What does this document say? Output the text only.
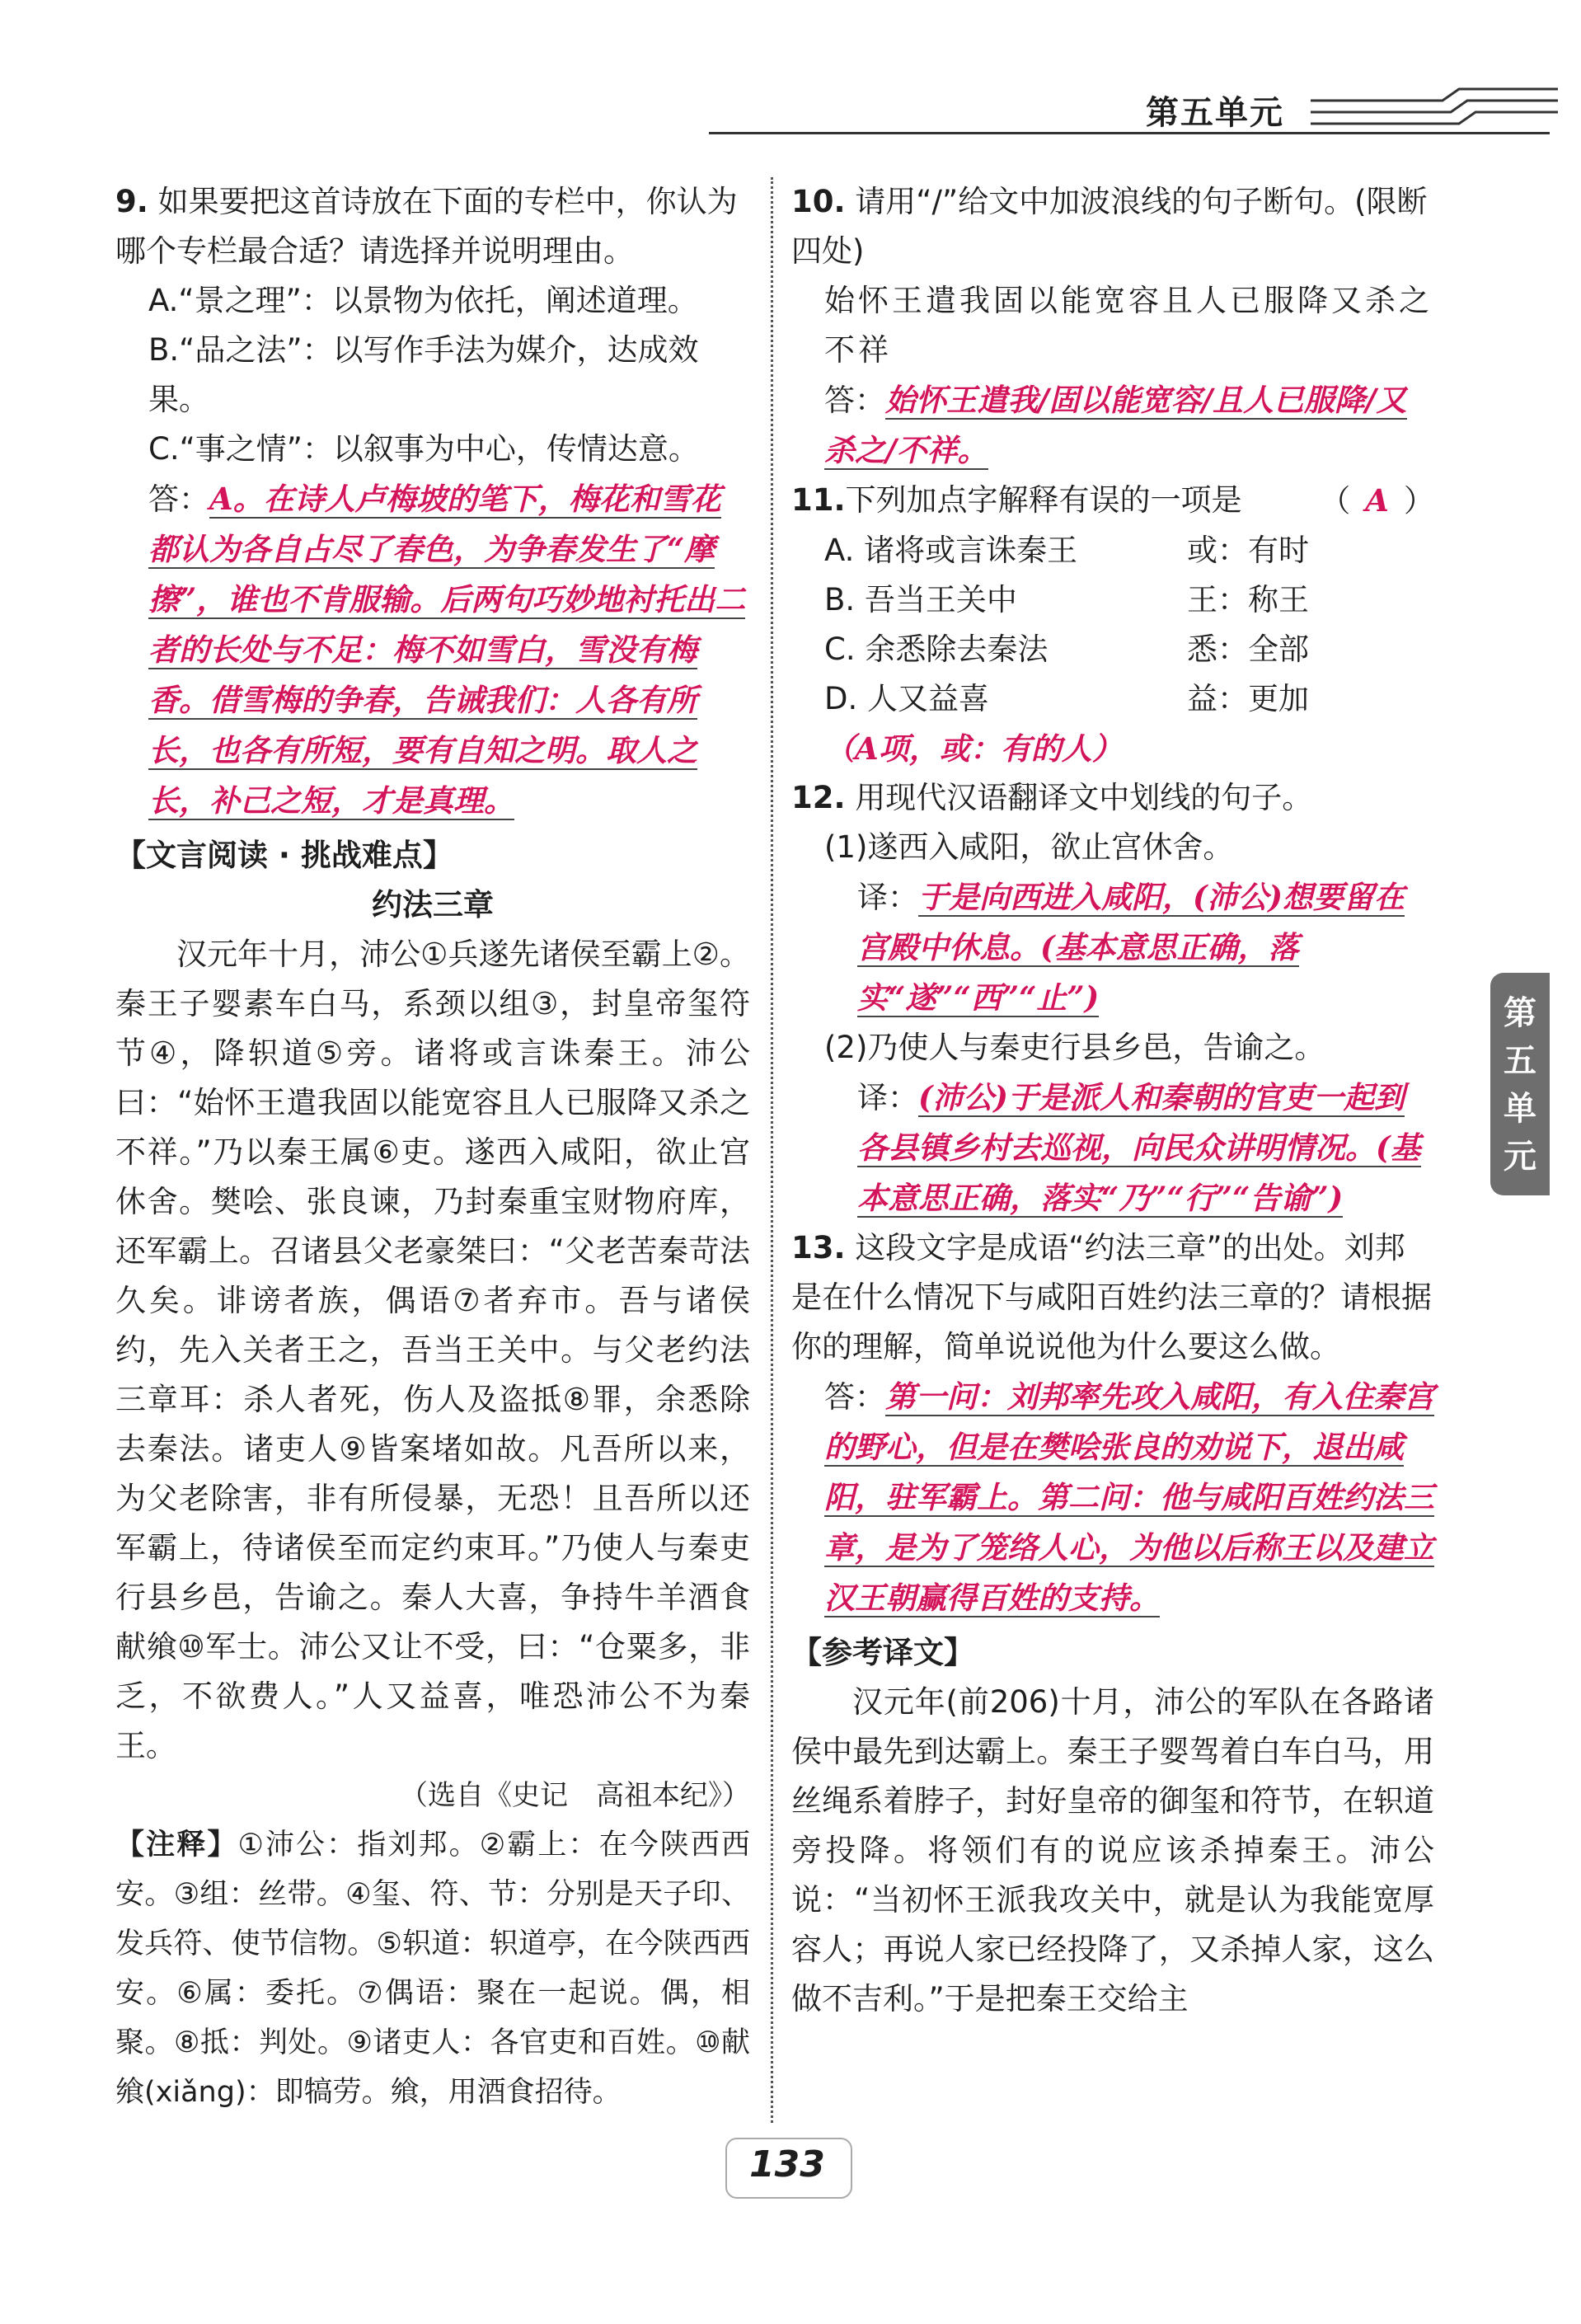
第五单元
第五单元
9. 如果要把这首诗放在下面的专栏中，你认为哪个专栏最合适？请选择并说明理由。
A.“景之理”：以景物为依托，阐述道理。
B.“品之法”：以写作手法为媒介，达成效果。
C.“事之情”：以叙事为中心，传情达意。
答：A。在诗人卢梅坡的笔下，梅花和雪花都认为各自占尽了春色，为争春发生了“摩擦”，谁也不肯服输。后两句巧妙地衬托出二者的长处与不足：梅不如雪白，雪没有梅香。借雪梅的争春，告诫我们：人各有所长，也各有所短，要有自知之明。取人之长，补己之短，才是真理。
【文言阅读 · 挑战难点】
约法三章
汉元年十月，沛公①兵遂先诸侯至霸上②。秦王子婴素车白马，系颈以组③，封皇帝玺符节④，降轵道⑤旁。诸将或言诛秦王。沛公曰：“始怀王遣我固以能宽容且人已服降又杀之不祥。”乃以秦王属⑥吏。遂西入咸阳，欲止宫休舍。樊哙、张良谏，乃封秦重宝财物府库，还军霸上。召诸县父老豪桀曰：“父老苦秦苛法久矣。诽谤者族，偶语⑦者弃市。吾与诸侯约，先入关者王之，吾当王关中。与父老约法三章耳：杀人者死，伤人及盗抵⑧罪，余悉除去秦法。诸吏人⑨皆案堵如故。凡吾所以来，为父老除害，非有所侵暴，无恐！且吾所以还军霸上，待诸侯至而定约束耳。”乃使人与秦吏行县乡邑，告谕之。秦人大喜，争持牛羊酒食献飨⑩军士。沛公又让不受，曰：“仓粟多，非乏，不欲费人。”人又益喜，唯恐沛公不为秦王。
（选自《史记　高祖本纪》）
【注释】①沛公：指刘邦。②霸上：在今陕西西安。③组：丝带。④玺、符、节：分别是天子印、发兵符、使节信物。⑤轵道：轵道亭，在今陕西西安。⑥属：委托。⑦偶语：聚在一起说。偶，相聚。⑧抵：判处。⑨诸吏人：各官吏和百姓。⑩献飨(xiǎng)：即犒劳。飨，用酒食招待。
10. 请用“/”给文中加波浪线的句子断句。(限断四处)
始怀王遣我固以能宽容且人已服降又杀之不祥
答：始怀王遣我/固以能宽容/且人已服降/又杀之/不祥。
11.下列加点字解释有误的一项是	（ A ）
A. 诸将或言诛秦王	或：有时
B. 吾当王关中	王：称王
C. 余悉除去秦法	悉：全部
D. 人又益喜	益：更加
（A项，或：有的人）
12. 用现代汉语翻译文中划线的句子。
(1)遂西入咸阳，欲止宫休舍。
译：于是向西进入咸阳，(沛公)想要留在宫殿中休息。(基本意思正确，落实“遂”“西”“止”)
(2)乃使人与秦吏行县乡邑，告谕之。
译：(沛公)于是派人和秦朝的官吏一起到各县镇乡村去巡视，向民众讲明情况。(基本意思正确，落实“乃”“行”“告谕”)
13. 这段文字是成语“约法三章”的出处。刘邦是在什么情况下与咸阳百姓约法三章的？请根据你的理解，简单说说他为什么要这么做。
答：第一问：刘邦率先攻入咸阳，有入住秦宫的野心，但是在樊哙张良的劝说下，退出咸阳，驻军霸上。第二问：他与咸阳百姓约法三章，是为了笼络人心，为他以后称王以及建立汉王朝赢得百姓的支持。
【参考译文】
汉元年(前206)十月，沛公的军队在各路诸侯中最先到达霸上。秦王子婴驾着白车白马，用丝绳系着脖子，封好皇帝的御玺和符节，在轵道旁投降。将领们有的说应该杀掉秦王。沛公说：“当初怀王派我攻关中，就是认为我能宽厚容人；再说人家已经投降了，又杀掉人家，这么做不吉利。”于是把秦王交给主
133
